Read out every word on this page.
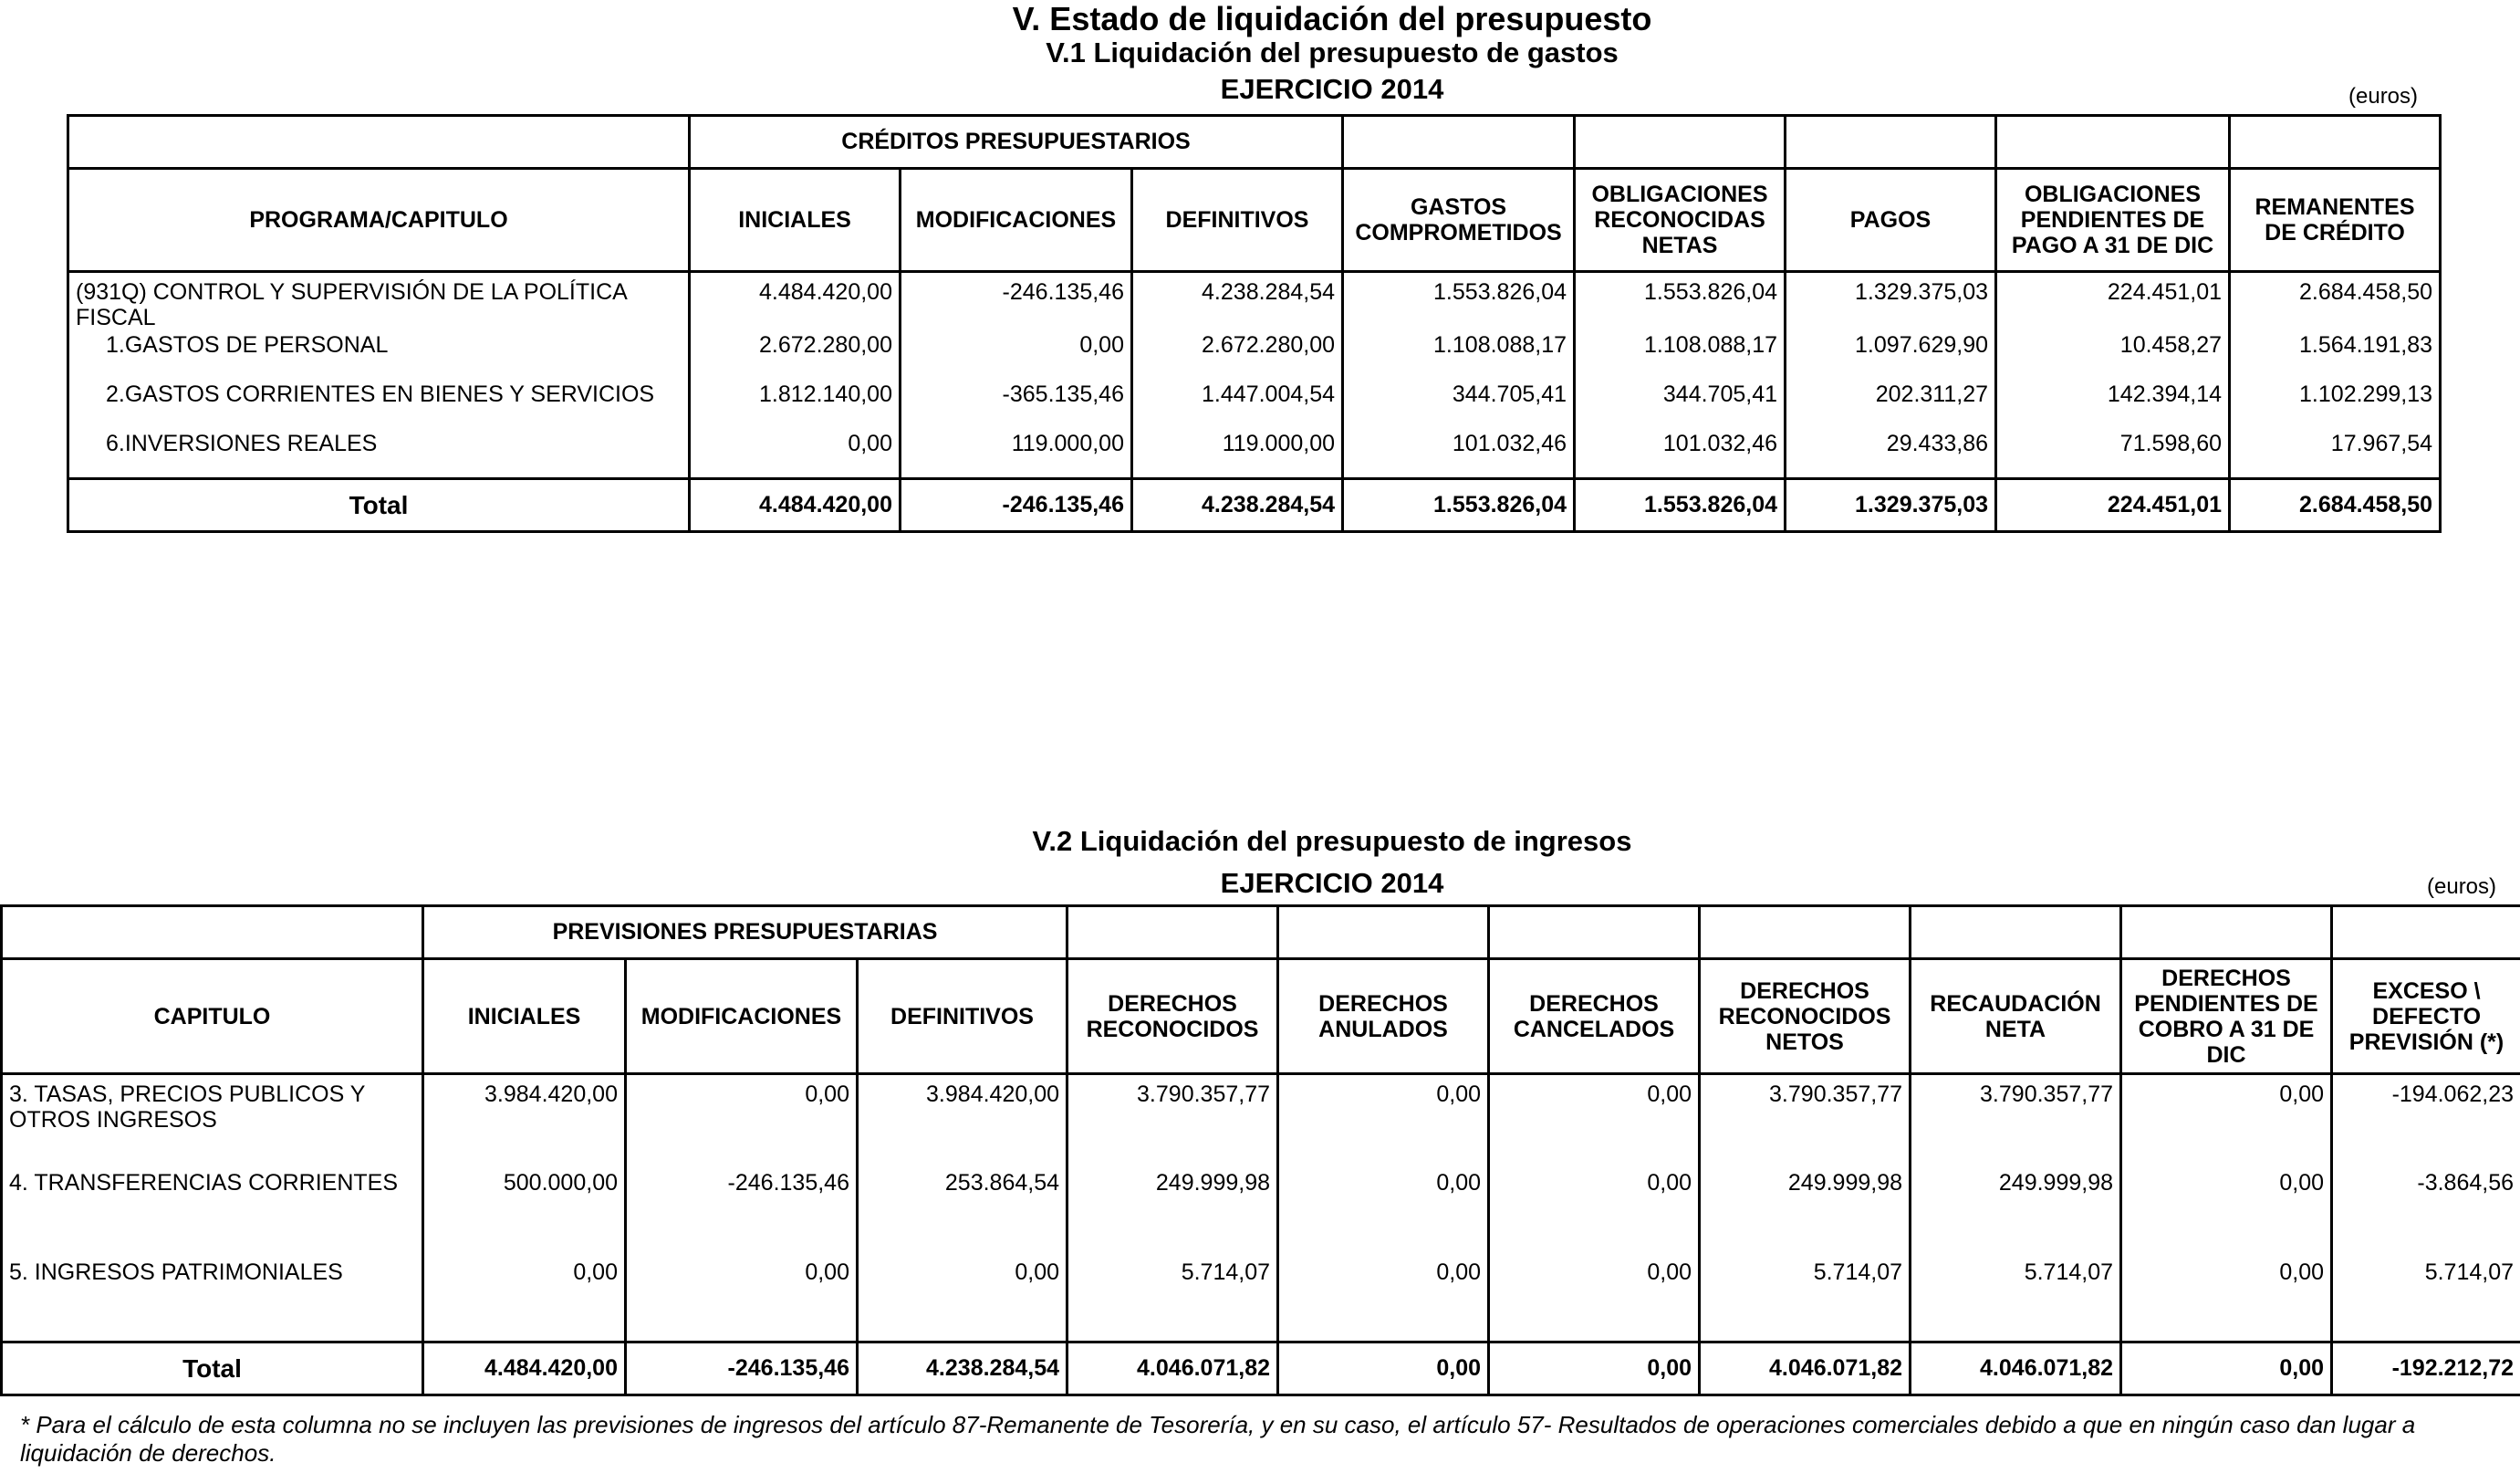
V. Estado de liquidación del presupuesto
V.1 Liquidación del presupuesto de gastos
EJERCICIO 2014	(euros)
	CRÉDITOS PRESUPUESTARIOS							
PROGRAMA/CAPITULO	INICIALES	MODIFICACIONES	DEFINITIVOS	GASTOS COMPROMETIDOS	OBLIGACIONES RECONOCIDAS NETAS	PAGOS	OBLIGACIONES PENDIENTES DE PAGO A 31 DE DIC	REMANENTES DE CRÉDITO
(931Q) CONTROL Y SUPERVISIÓN DE LA POLÍTICA FISCAL	4.484.420,00	-246.135,46	4.238.284,54	1.553.826,04	1.553.826,04	1.329.375,03	224.451,01	2.684.458,50
1.GASTOS DE PERSONAL	2.672.280,00	0,00	2.672.280,00	1.108.088,17	1.108.088,17	1.097.629,90	10.458,27	1.564.191,83
2.GASTOS CORRIENTES EN BIENES Y SERVICIOS	1.812.140,00	-365.135,46	1.447.004,54	344.705,41	344.705,41	202.311,27	142.394,14	1.102.299,13
6.INVERSIONES REALES	0,00	119.000,00	119.000,00	101.032,46	101.032,46	29.433,86	71.598,60	17.967,54
Total	4.484.420,00	-246.135,46	4.238.284,54	1.553.826,04	1.553.826,04	1.329.375,03	224.451,01	2.684.458,50
V.2 Liquidación del presupuesto de ingresos
EJERCICIO 2014	(euros)
	PREVISIONES PRESUPUESTARIAS									
CAPITULO	INICIALES	MODIFICACIONES	DEFINITIVOS	DERECHOS RECONOCIDOS	DERECHOS ANULADOS	DERECHOS CANCELADOS	DERECHOS RECONOCIDOS NETOS	RECAUDACIÓN NETA	DERECHOS PENDIENTES DE COBRO A 31 DE DIC	EXCESO \ DEFECTO PREVISIÓN (*)
3. TASAS, PRECIOS PUBLICOS Y OTROS INGRESOS	3.984.420,00	0,00	3.984.420,00	3.790.357,77	0,00	0,00	3.790.357,77	3.790.357,77	0,00	-194.062,23
4. TRANSFERENCIAS CORRIENTES	500.000,00	-246.135,46	253.864,54	249.999,98	0,00	0,00	249.999,98	249.999,98	0,00	-3.864,56
5. INGRESOS PATRIMONIALES	0,00	0,00	0,00	5.714,07	0,00	0,00	5.714,07	5.714,07	0,00	5.714,07
Total	4.484.420,00	-246.135,46	4.238.284,54	4.046.071,82	0,00	0,00	4.046.071,82	4.046.071,82	0,00	-192.212,72
* Para el cálculo de esta columna no se incluyen las previsiones de ingresos del artículo 87-Remanente de Tesorería, y en su caso, el artículo 57- Resultados de operaciones comerciales debido a que en ningún caso dan lugar a liquidación de derechos.
